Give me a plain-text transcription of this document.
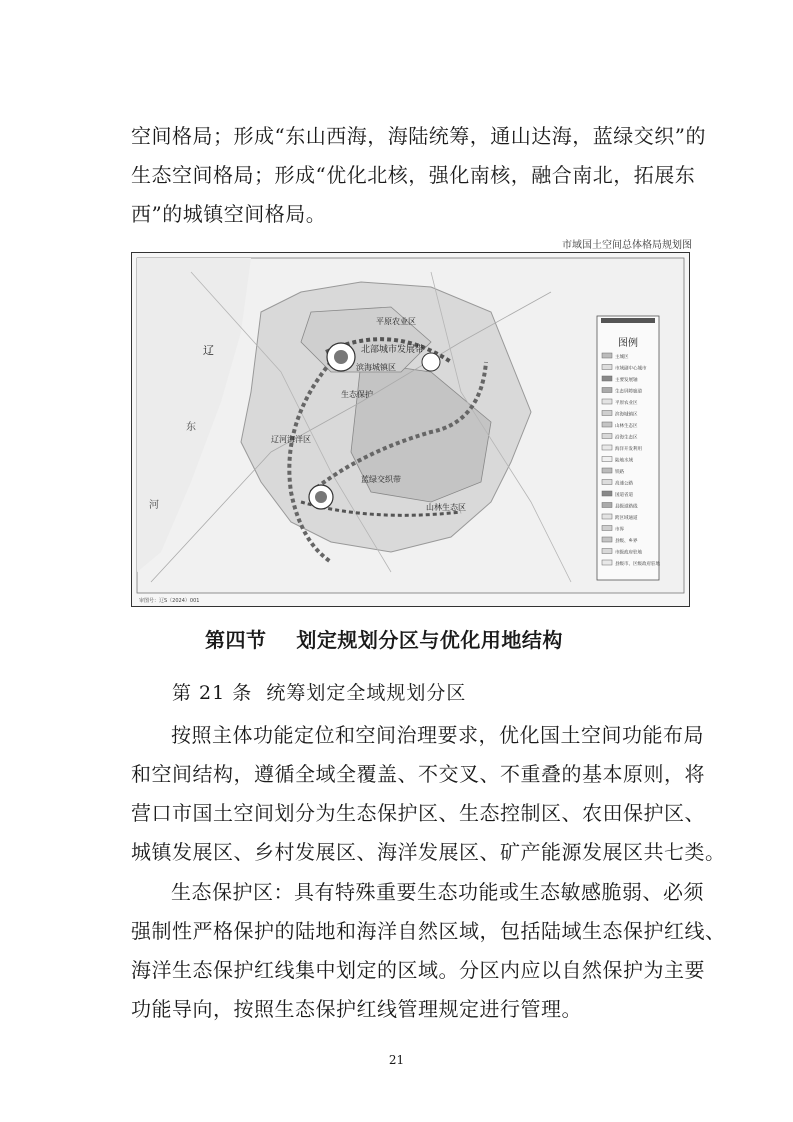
空间格局；形成“东山西海，海陆统筹，通山达海，蓝绿交织”的
生态空间格局；形成“优化北核，强化南核，融合南北，拓展东
西”的城镇空间格局。
市域国土空间总体格局规划图
北部城市发展带
滨海城镇区
平原农业区
辽
辽河海洋区
山林生态区
生态保护
蓝绿交织带
东
河
图例
主城区
市域副中心城市
主要发展轴
生态屏障廊道
平原农业区
滨海城镇区
山林生态区
沿海生态区
海洋开发利用
陆地水域
铁路
高速公路
国道省道
县级道路线
跨区域通道
市界
县级、乡界
市级政府驻地
县级市、区级政府驻地
审图号：辽S（2024）001
第四节    划定规划分区与优化用地结构
第 21 条  统筹划定全域规划分区
按照主体功能定位和空间治理要求，优化国土空间功能布局
和空间结构，遵循全域全覆盖、不交叉、不重叠的基本原则，将
营口市国土空间划分为生态保护区、生态控制区、农田保护区、
城镇发展区、乡村发展区、海洋发展区、矿产能源发展区共七类。
生态保护区：具有特殊重要生态功能或生态敏感脆弱、必须
强制性严格保护的陆地和海洋自然区域，包括陆域生态保护红线、
海洋生态保护红线集中划定的区域。分区内应以自然保护为主要
功能导向，按照生态保护红线管理规定进行管理。
21
